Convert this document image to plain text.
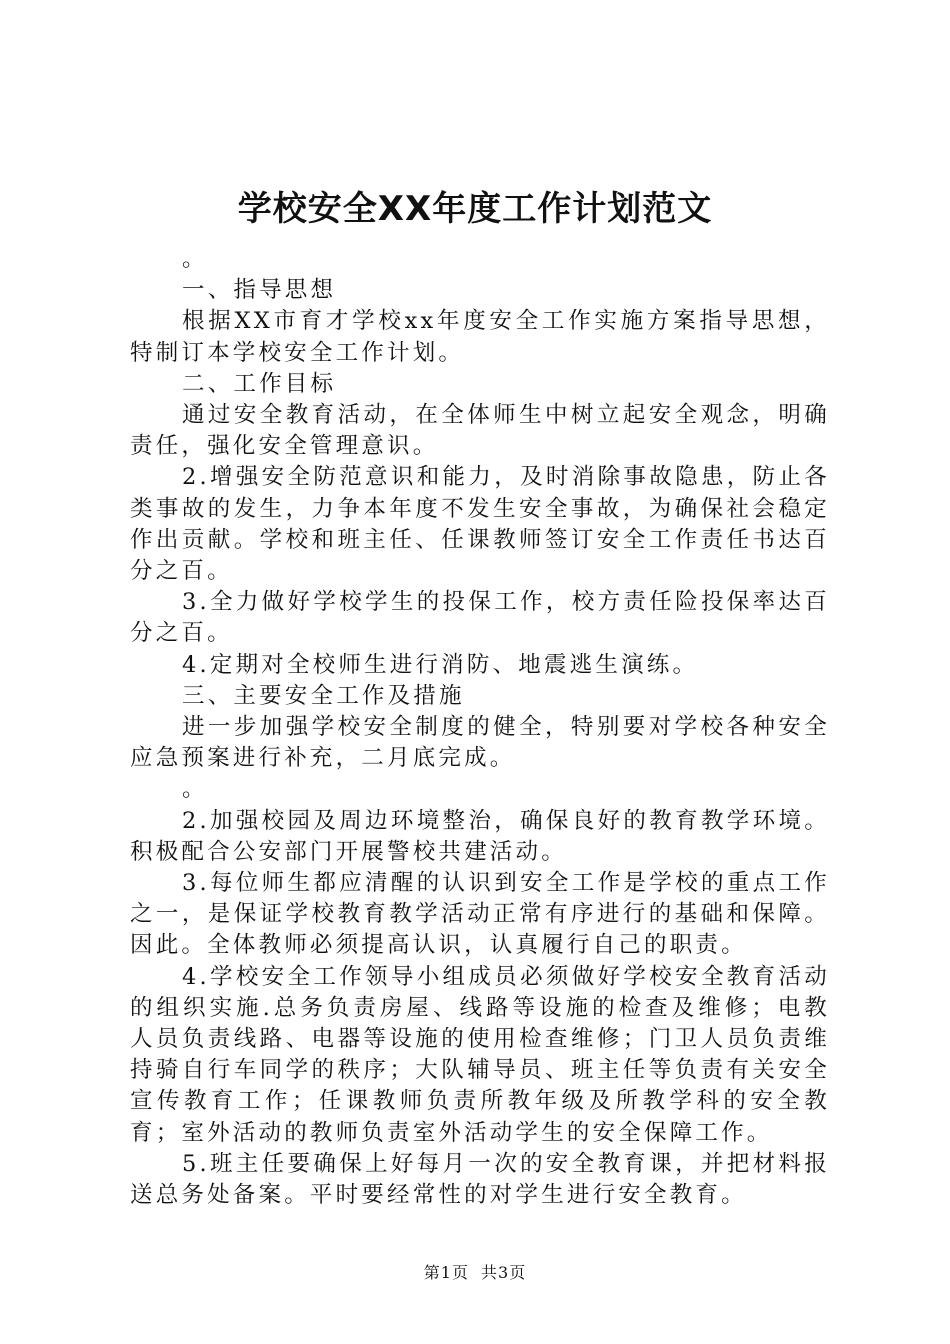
学校安全XX年度工作计划范文

。

一、指导思想

根据XX市育才学校xx年度安全工作实施方案指导思想，特制订本学校安全工作计划。

二、工作目标

通过安全教育活动，在全体师生中树立起安全观念，明确责任，强化安全管理意识。

2.增强安全防范意识和能力，及时消除事故隐患，防止各类事故的发生，力争本年度不发生安全事故，为确保社会稳定作出贡献。学校和班主任、任课教师签订安全工作责任书达百分之百。

3.全力做好学校学生的投保工作，校方责任险投保率达百分之百。

4.定期对全校师生进行消防、地震逃生演练。

三、主要安全工作及措施

进一步加强学校安全制度的健全，特别要对学校各种安全应急预案进行补充，二月底完成。

。

2.加强校园及周边环境整治，确保良好的教育教学环境。积极配合公安部门开展警校共建活动。

3.每位师生都应清醒的认识到安全工作是学校的重点工作之一，是保证学校教育教学活动正常有序进行的基础和保障。因此。全体教师必须提高认识，认真履行自己的职责。

4.学校安全工作领导小组成员必须做好学校安全教育活动的组织实施.总务负责房屋、线路等设施的检查及维修；电教人员负责线路、电器等设施的使用检查维修；门卫人员负责维持骑自行车同学的秩序；大队辅导员、班主任等负责有关安全宣传教育工作；任课教师负责所教年级及所教学科的安全教育；室外活动的教师负责室外活动学生的安全保障工作。

5.班主任要确保上好每月一次的安全教育课，并把材料报送总务处备案。平时要经常性的对学生进行安全教育。

第1页 共3页
